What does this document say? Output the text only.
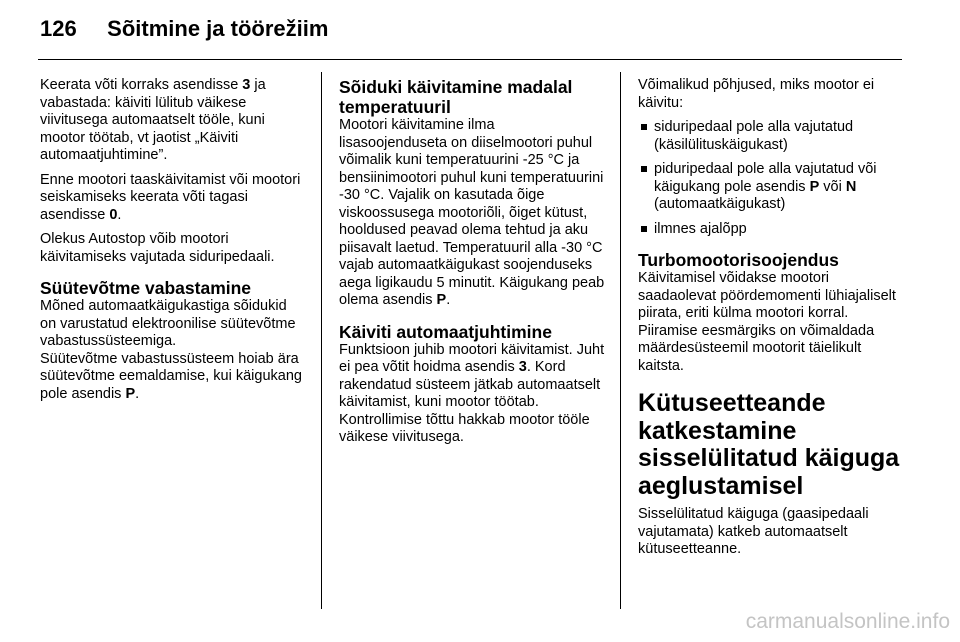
126 Sõitmine ja töörežiim

Keerata võti korraks asendisse 3 ja vabastada: käiviti lülitub väikese viivitusega automaatselt tööle, kuni mootor töötab, vt jaotist „Käiviti automaatjuhtimine”.

Enne mootori taaskäivitamist või mootori seiskamiseks keerata võti tagasi asendisse 0.

Olekus Autostop võib mootori käivitamiseks vajutada siduripedaali.

Süütevõtme vabastamine

Mõned automaatkäigukastiga sõidukid on varustatud elektroonilise süütevõtme vabastussüsteemiga.

Süütevõtme vabastussüsteem hoiab ära süütevõtme eemaldamise, kui käigukang pole asendis P.

Sõiduki käivitamine madalal temperatuuril

Mootori käivitamine ilma lisasoojenduseta on diiselmootori puhul võimalik kuni temperatuurini -25 °C ja bensiinimootori puhul kuni temperatuurini -30 °C. Vajalik on kasutada õige viskoossusega mootoriõli, õiget kütust, hooldused peavad olema tehtud ja aku piisavalt laetud. Temperatuuril alla -30 °C vajab automaatkäigukast soojenduseks aega ligikaudu 5 minutit. Käigukang peab olema asendis P.

Käiviti automaatjuhtimine

Funktsioon juhib mootori käivitamist. Juht ei pea võtit hoidma asendis 3. Kord rakendatud süsteem jätkab automaatselt käivitamist, kuni mootor töötab. Kontrollimise tõttu hakkab mootor tööle väikese viivitusega.

Võimalikud põhjused, miks mootor ei käivitu:

siduripedaal pole alla vajutatud (käsilülituskäigukast)
piduripedaal pole alla vajutatud või käigukang pole asendis P või N (automaatkäigukast)
ilmnes ajalõpp
Turbomootorisoojendus

Käivitamisel võidakse mootori saadaolevat pöördemomenti lühiajaliselt piirata, eriti külma mootori korral. Piiramise eesmärgiks on võimaldada määrdesüsteemil mootorit täielikult kaitsta.

Kütuseetteande katkestamine sisselülitatud käiguga aeglustamisel

Sisselülitatud käiguga (gaasipedaali vajutamata) katkeb automaatselt kütuseetteanne.

carmanualsonline.info
